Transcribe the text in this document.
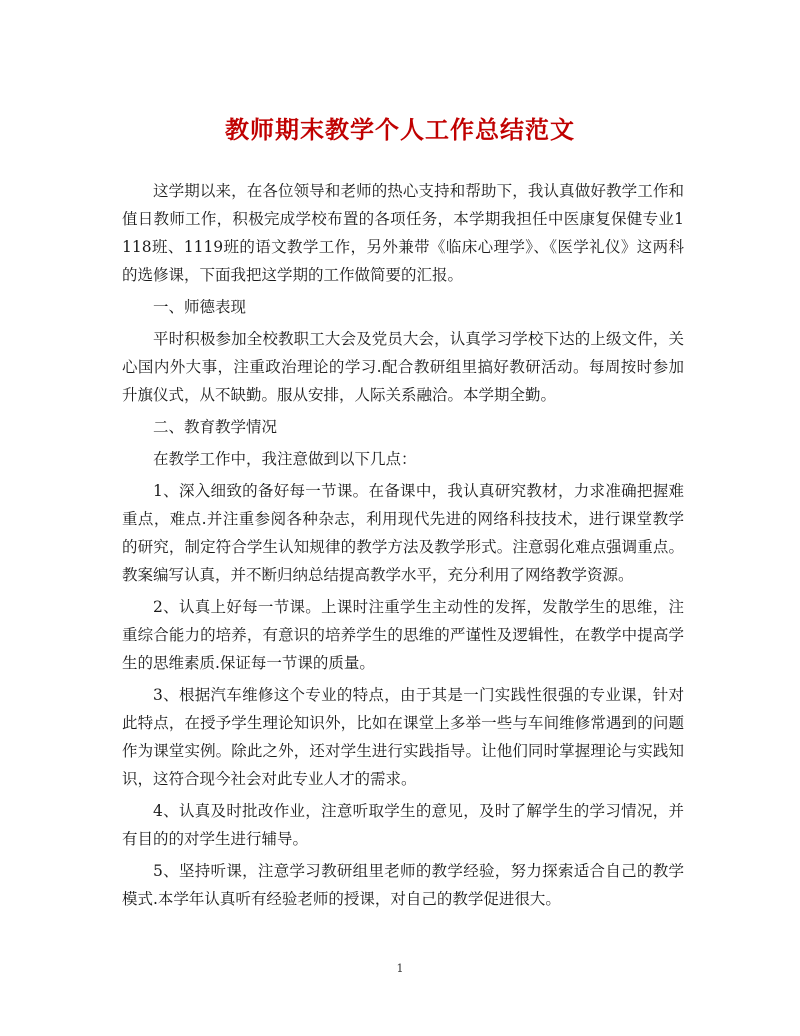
教师期末教学个人工作总结范文

这学期以来，在各位领导和老师的热心支持和帮助下，我认真做好教学工作和值日教师工作，积极完成学校布置的各项任务，本学期我担任中医康复保健专业1118班、1119班的语文教学工作，另外兼带《临床心理学》、《医学礼仪》这两科的选修课，下面我把这学期的工作做简要的汇报。

一、师德表现

平时积极参加全校教职工大会及党员大会，认真学习学校下达的上级文件，关心国内外大事，注重政治理论的学习.配合教研组里搞好教研活动。每周按时参加升旗仪式，从不缺勤。服从安排，人际关系融洽。本学期全勤。

二、教育教学情况

在教学工作中，我注意做到以下几点：

1、深入细致的备好每一节课。在备课中，我认真研究教材，力求准确把握难重点，难点.并注重参阅各种杂志，利用现代先进的网络科技技术，进行课堂教学的研究，制定符合学生认知规律的教学方法及教学形式。注意弱化难点强调重点。教案编写认真，并不断归纳总结提高教学水平，充分利用了网络教学资源。

2、认真上好每一节课。上课时注重学生主动性的发挥，发散学生的思维，注重综合能力的培养，有意识的培养学生的思维的严谨性及逻辑性，在教学中提高学生的思维素质.保证每一节课的质量。

3、根据汽车维修这个专业的特点，由于其是一门实践性很强的专业课，针对此特点，在授予学生理论知识外，比如在课堂上多举一些与车间维修常遇到的问题作为课堂实例。除此之外，还对学生进行实践指导。让他们同时掌握理论与实践知识，这符合现今社会对此专业人才的需求。

4、认真及时批改作业，注意听取学生的意见，及时了解学生的学习情况，并有目的的对学生进行辅导。

5、坚持听课，注意学习教研组里老师的教学经验，努力探索适合自己的教学模式.本学年认真听有经验老师的授课，对自己的教学促进很大。

1
